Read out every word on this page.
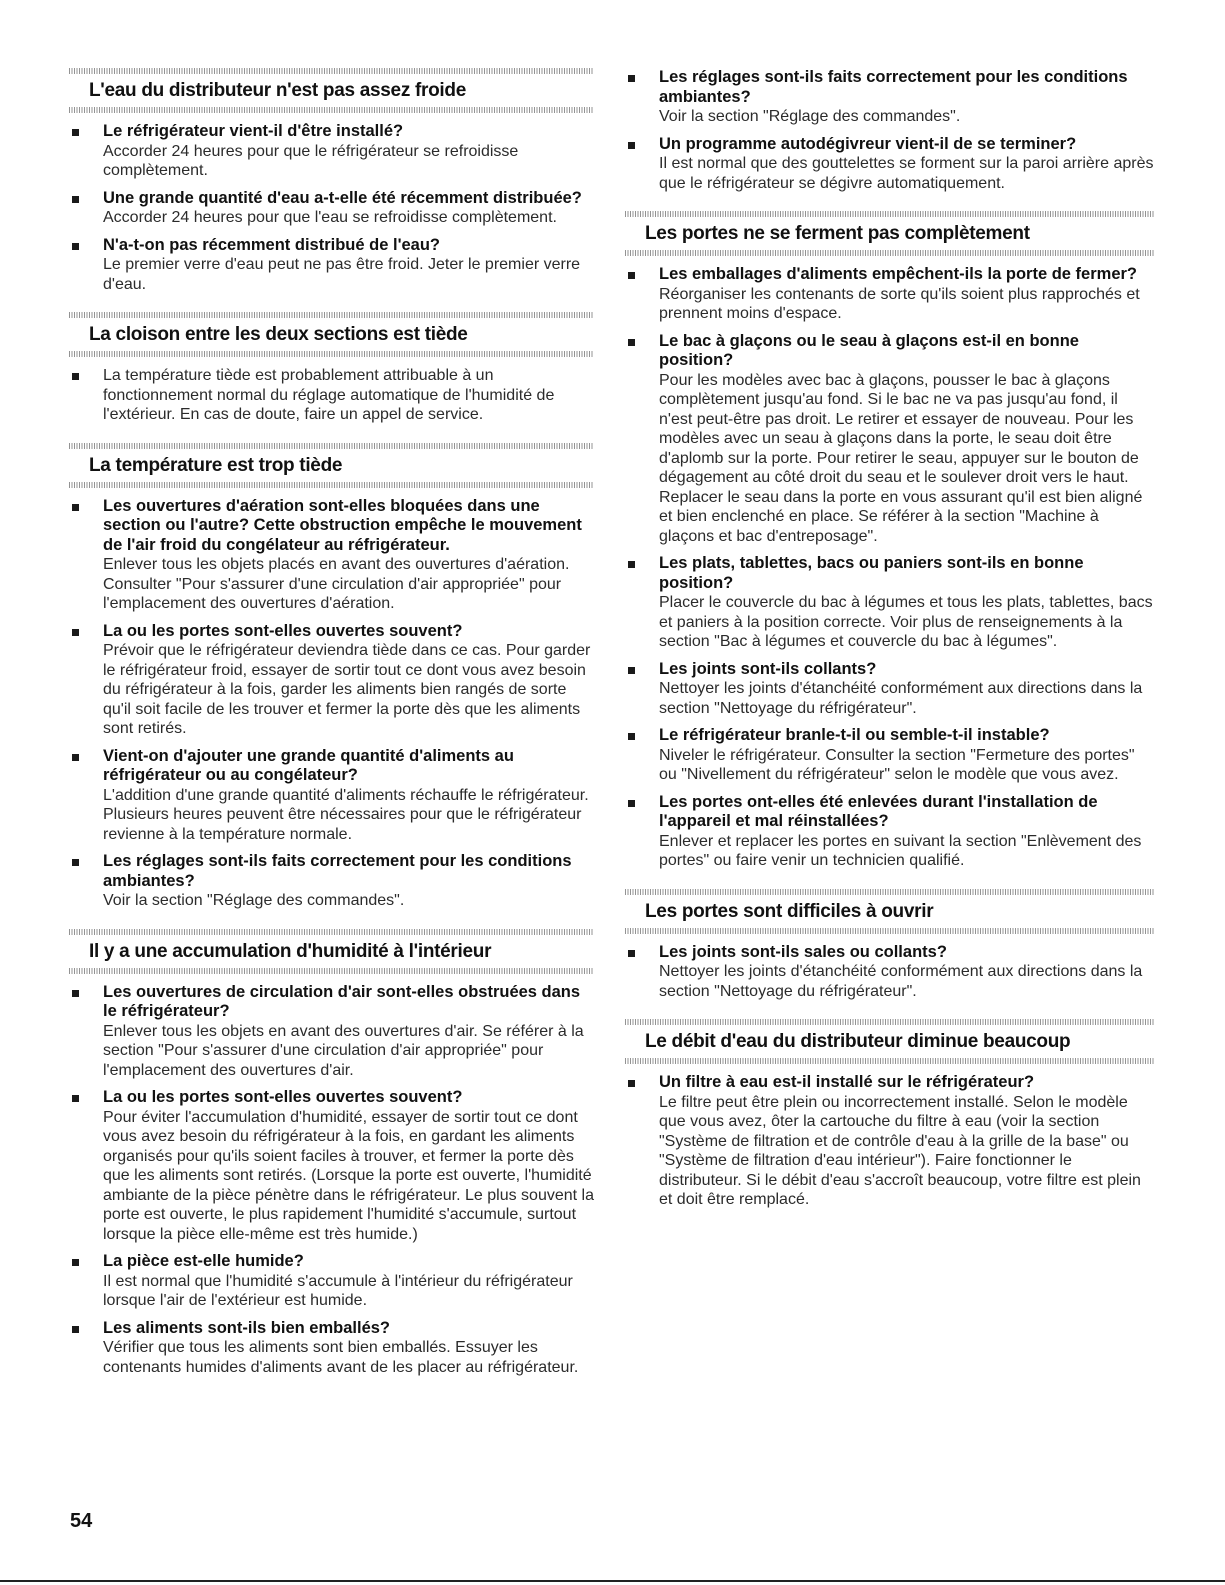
L'eau du distributeur n'est pas assez froide
Le réfrigérateur vient-il d'être installé?
Accorder 24 heures pour que le réfrigérateur se refroidisse complètement.
Une grande quantité d'eau a-t-elle été récemment distribuée?
Accorder 24 heures pour que l'eau se refroidisse complètement.
N'a-t-on pas récemment distribué de l'eau?
Le premier verre d'eau peut ne pas être froid. Jeter le premier verre d'eau.
La cloison entre les deux sections est tiède
La température tiède est probablement attribuable à un fonctionnement normal du réglage automatique de l'humidité de l'extérieur. En cas de doute, faire un appel de service.
La température est trop tiède
Les ouvertures d'aération sont-elles bloquées dans une section ou l'autre? Cette obstruction empêche le mouvement de l'air froid du congélateur au réfrigérateur.
Enlever tous les objets placés en avant des ouvertures d'aération. Consulter "Pour s'assurer d'une circulation d'air appropriée" pour l'emplacement des ouvertures d'aération.
La ou les portes sont-elles ouvertes souvent?
Prévoir que le réfrigérateur deviendra tiède dans ce cas. Pour garder le réfrigérateur froid, essayer de sortir tout ce dont vous avez besoin du réfrigérateur à la fois, garder les aliments bien rangés de sorte qu'il soit facile de les trouver et fermer la porte dès que les aliments sont retirés.
Vient-on d'ajouter une grande quantité d'aliments au réfrigérateur ou au congélateur?
L'addition d'une grande quantité d'aliments réchauffe le réfrigérateur. Plusieurs heures peuvent être nécessaires pour que le réfrigérateur revienne à la température normale.
Les réglages sont-ils faits correctement pour les conditions ambiantes?
Voir la section "Réglage des commandes".
Il y a une accumulation d'humidité à l'intérieur
Les ouvertures de circulation d'air sont-elles obstruées dans le réfrigérateur?
Enlever tous les objets en avant des ouvertures d'air. Se référer à la section "Pour s'assurer d'une circulation d'air appropriée" pour l'emplacement des ouvertures d'air.
La ou les portes sont-elles ouvertes souvent?
Pour éviter l'accumulation d'humidité, essayer de sortir tout ce dont vous avez besoin du réfrigérateur à la fois, en gardant les aliments organisés pour qu'ils soient faciles à trouver, et fermer la porte dès que les aliments sont retirés. (Lorsque la porte est ouverte, l'humidité ambiante de la pièce pénètre dans le réfrigérateur. Le plus souvent la porte est ouverte, le plus rapidement l'humidité s'accumule, surtout lorsque la pièce elle-même est très humide.)
La pièce est-elle humide?
Il est normal que l'humidité s'accumule à l'intérieur du réfrigérateur lorsque l'air de l'extérieur est humide.
Les aliments sont-ils bien emballés?
Vérifier que tous les aliments sont bien emballés. Essuyer les contenants humides d'aliments avant de les placer au réfrigérateur.
Les réglages sont-ils faits correctement pour les conditions ambiantes?
Voir la section "Réglage des commandes".
Un programme autodégivreur vient-il de se terminer?
Il est normal que des gouttelettes se forment sur la paroi arrière après que le réfrigérateur se dégivre automatiquement.
Les portes ne se ferment pas complètement
Les emballages d'aliments empêchent-ils la porte de fermer?
Réorganiser les contenants de sorte qu'ils soient plus rapprochés et prennent moins d'espace.
Le bac à glaçons ou le seau à glaçons est-il en bonne position?
Pour les modèles avec bac à glaçons, pousser le bac à glaçons complètement jusqu'au fond. Si le bac ne va pas jusqu'au fond, il n'est peut-être pas droit. Le retirer et essayer de nouveau. Pour les modèles avec un seau à glaçons dans la porte, le seau doit être d'aplomb sur la porte. Pour retirer le seau, appuyer sur le bouton de dégagement au côté droit du seau et le soulever droit vers le haut. Replacer le seau dans la porte en vous assurant qu'il est bien aligné et bien enclenché en place. Se référer à la section "Machine à glaçons et bac d'entreposage".
Les plats, tablettes, bacs ou paniers sont-ils en bonne position?
Placer le couvercle du bac à légumes et tous les plats, tablettes, bacs et paniers à la position correcte. Voir plus de renseignements à la section "Bac à légumes et couvercle du bac à légumes".
Les joints sont-ils collants?
Nettoyer les joints d'étanchéité conformément aux directions dans la section "Nettoyage du réfrigérateur".
Le réfrigérateur branle-t-il ou semble-t-il instable?
Niveler le réfrigérateur. Consulter la section "Fermeture des portes" ou "Nivellement du réfrigérateur" selon le modèle que vous avez.
Les portes ont-elles été enlevées durant l'installation de l'appareil et mal réinstallées?
Enlever et replacer les portes en suivant la section "Enlèvement des portes" ou faire venir un technicien qualifié.
Les portes sont difficiles à ouvrir
Les joints sont-ils sales ou collants?
Nettoyer les joints d'étanchéité conformément aux directions dans la section "Nettoyage du réfrigérateur".
Le débit d'eau du distributeur diminue beaucoup
Un filtre à eau est-il installé sur le réfrigérateur?
Le filtre peut être plein ou incorrectement installé. Selon le modèle que vous avez, ôter la cartouche du filtre à eau (voir la section "Système de filtration et de contrôle d'eau à la grille de la base" ou "Système de filtration d'eau intérieur"). Faire fonctionner le distributeur. Si le débit d'eau s'accroît beaucoup, votre filtre est plein et doit être remplacé.
54
